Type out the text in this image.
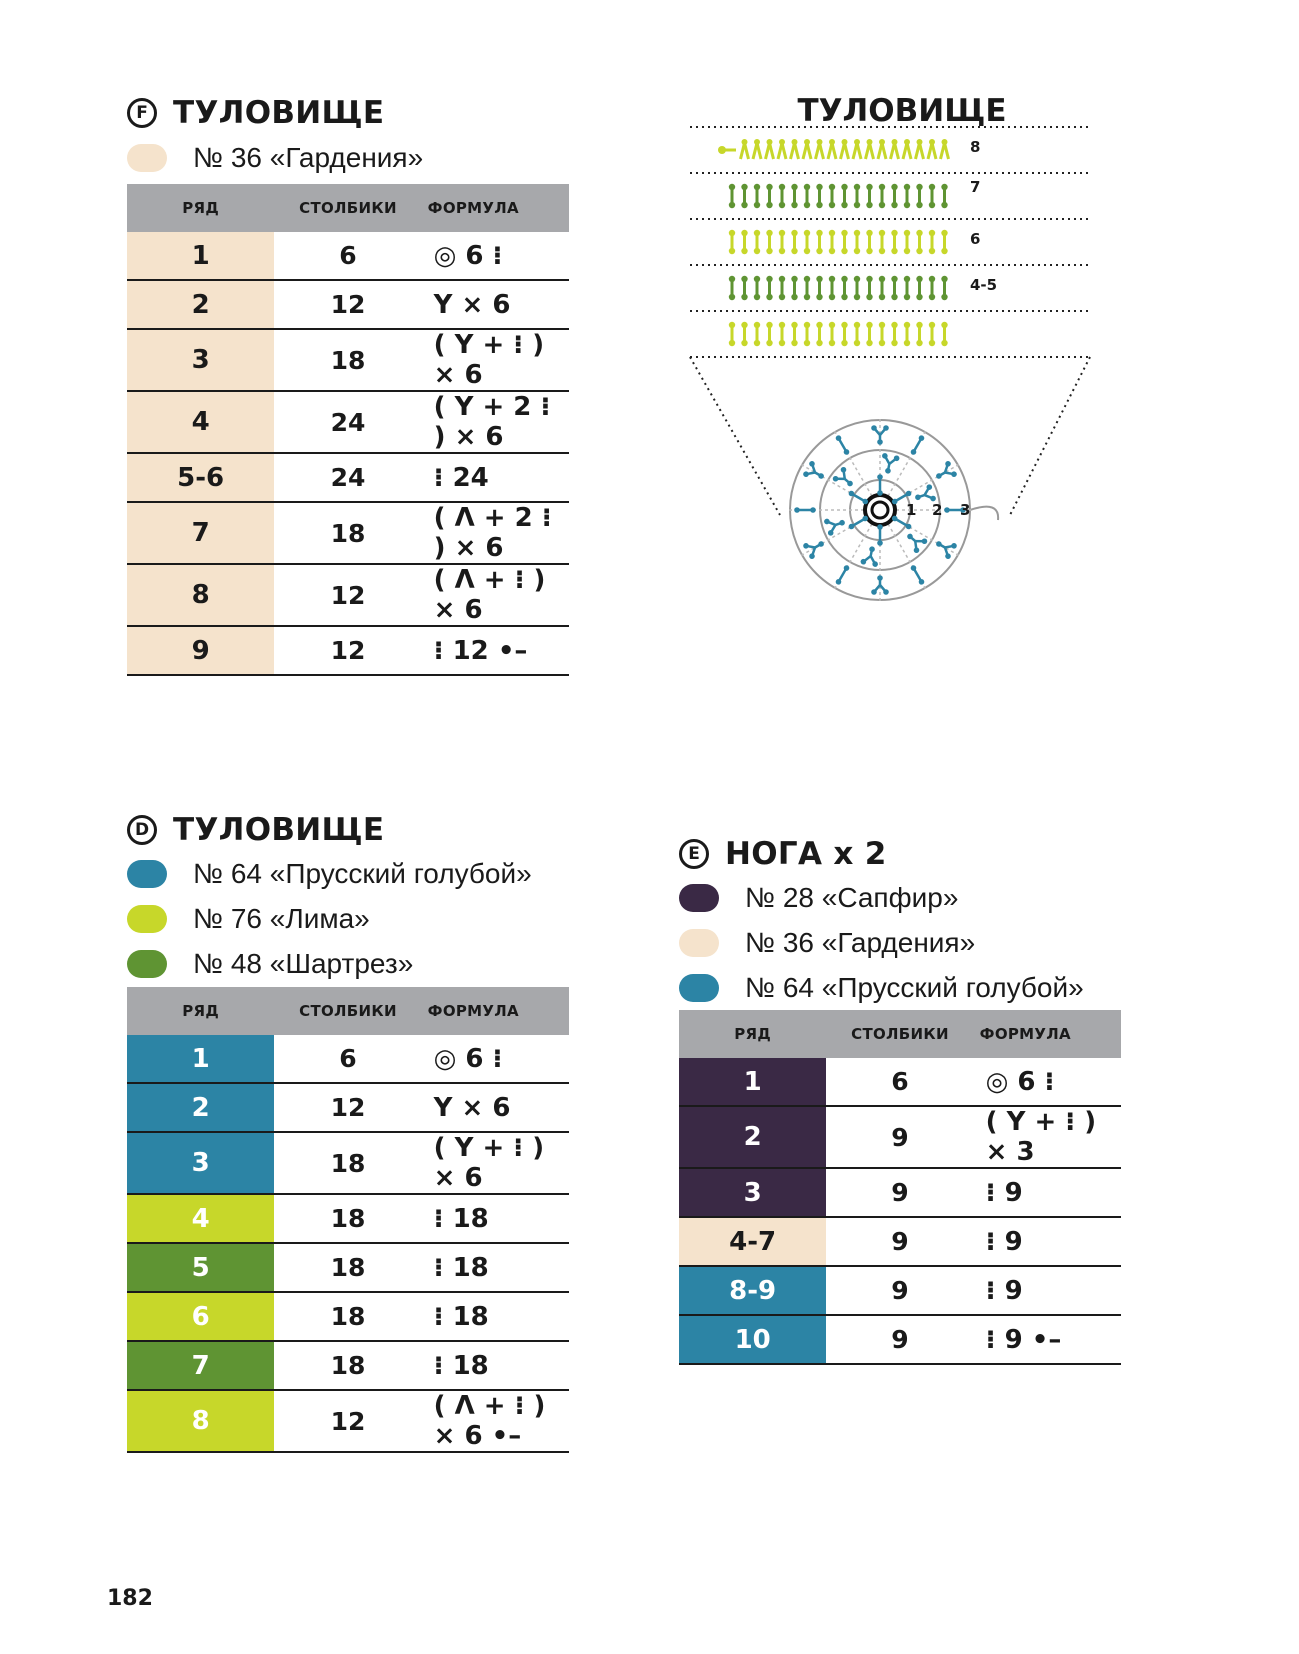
F ТУЛОВИЩЕ
№ 36 «Гардения»
РЯД	СТОЛБИКИ	ФОРМУЛА
1	6	◎ 6 ⁝
2	12	Y × 6
3	18	( Y + ⁝ ) × 6
4	24	( Y + 2 ⁝ ) × 6
5-6	24	⁝ 24
7	18	( Λ + 2 ⁝ ) × 6
8	12	( Λ + ⁝ ) × 6
9	12	⁝ 12 •–
ТУЛОВИЩЕ
8
7
6
4-5
1 2 3
D ТУЛОВИЩЕ
№ 64 «Прусский голубой»
№ 76 «Лима»
№ 48 «Шартрез»
РЯД	СТОЛБИКИ	ФОРМУЛА
1	6	◎ 6 ⁝
2	12	Y × 6
3	18	( Y + ⁝ ) × 6
4	18	⁝ 18
5	18	⁝ 18
6	18	⁝ 18
7	18	⁝ 18
8	12	( Λ + ⁝ ) × 6 •–
E НОГА x 2
№ 28 «Сапфир»
№ 36 «Гардения»
№ 64 «Прусский голубой»
РЯД	СТОЛБИКИ	ФОРМУЛА
1	6	◎ 6 ⁝
2	9	( Y + ⁝ ) × 3
3	9	⁝ 9
4-7	9	⁝ 9
8-9	9	⁝ 9
10	9	⁝ 9 •–
182
